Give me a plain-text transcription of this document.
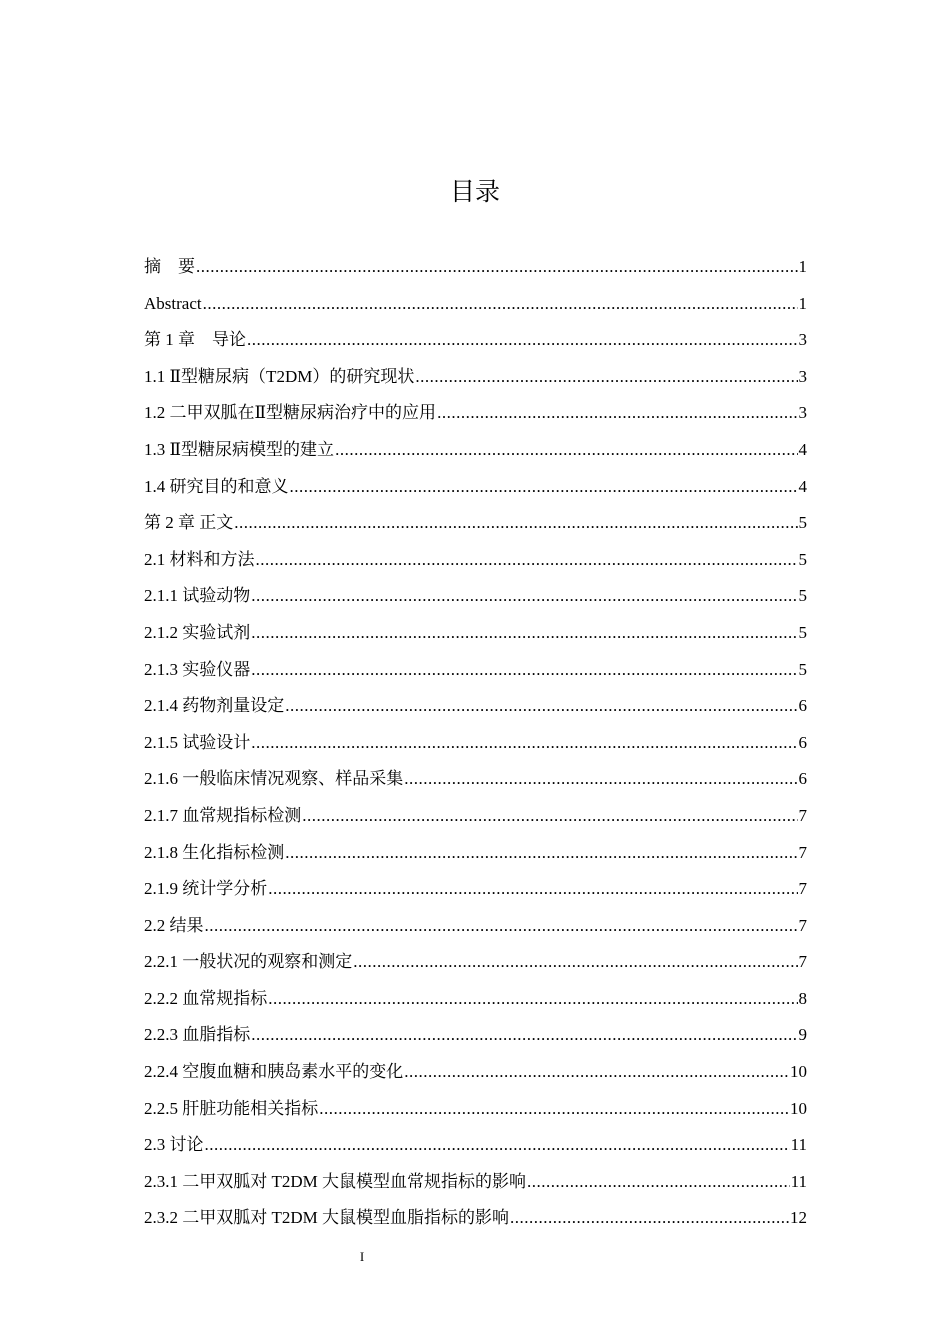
目录
摘　要 .....	1
Abstract .....	1
第 1 章　导论 .....	3
1.1 Ⅱ型糖尿病（T2DM）的研究现状 .....	3
1.2 二甲双胍在Ⅱ型糖尿病治疗中的应用 .....	3
1.3 Ⅱ型糖尿病模型的建立 .....	4
1.4 研究目的和意义 .....	4
第 2 章 正文 .....	5
2.1 材料和方法 .....	5
2.1.1 试验动物 .....	5
2.1.2 实验试剂 .....	5
2.1.3 实验仪器 .....	5
2.1.4 药物剂量设定 .....	6
2.1.5 试验设计 .....	6
2.1.6 一般临床情况观察、样品采集 .....	6
2.1.7 血常规指标检测 .....	7
2.1.8 生化指标检测 .....	7
2.1.9 统计学分析 .....	7
2.2 结果 .....	7
2.2.1 一般状况的观察和测定 .....	7
2.2.2 血常规指标 .....	8
2.2.3 血脂指标 .....	9
2.2.4 空腹血糖和胰岛素水平的变化 .....	10
2.2.5 肝脏功能相关指标 .....	10
2.3 讨论 .....	11
2.3.1 二甲双胍对 T2DM 大鼠模型血常规指标的影响 .....	11
2.3.2 二甲双胍对 T2DM 大鼠模型血脂指标的影响 .....	12
I
